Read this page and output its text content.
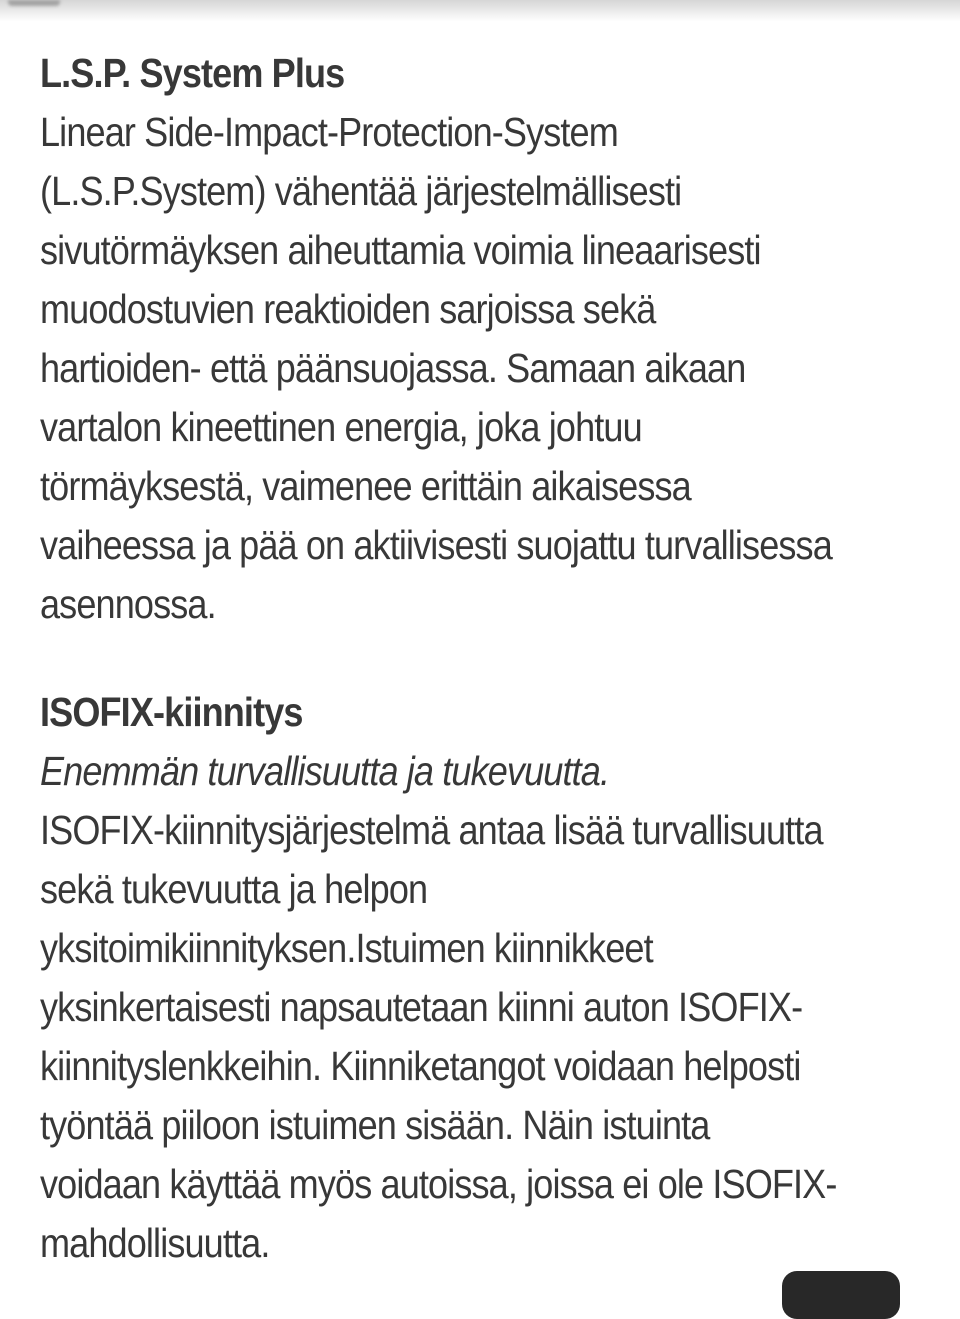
L.S.P. System Plus
Linear Side-Impact-Protection-System
(L.S.P.System) vähentää järjestelmällisesti
sivutörmäyksen aiheuttamia voimia lineaarisesti
muodostuvien reaktioiden sarjoissa sekä
hartioiden- että päänsuojassa. Samaan aikaan
vartalon kineettinen energia, joka johtuu
törmäyksestä, vaimenee erittäin aikaisessa
vaiheessa ja pää on aktiivisesti suojattu turvallisessa
asennossa.
ISOFIX-kiinnitys
Enemmän turvallisuutta ja tukevuutta.
ISOFIX-kiinnitysjärjestelmä antaa lisää turvallisuutta
sekä tukevuutta ja helpon
yksitoimikiinnityksen.Istuimen kiinnikkeet
yksinkertaisesti napsautetaan kiinni auton ISOFIX-
kiinnityslenkkeihin. Kiinniketangot voidaan helposti
työntää piiloon istuimen sisään. Näin istuinta
voidaan käyttää myös autoissa, joissa ei ole ISOFIX-
mahdollisuutta.
